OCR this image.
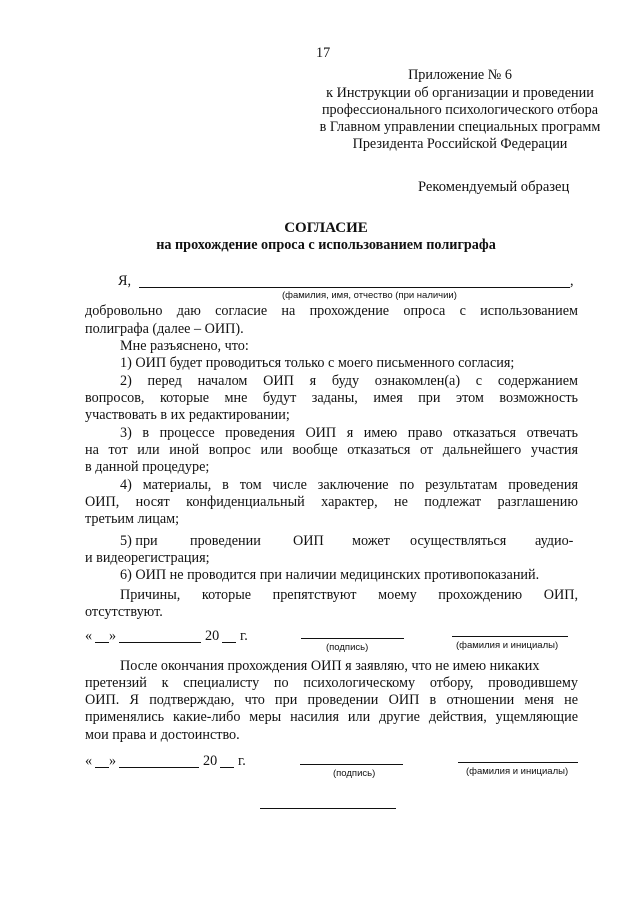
17
Приложение № 6
к Инструкции об организации и проведении
профессионального психологического отбора
в Главном управлении специальных программ
Президента Российской Федерации
Рекомендуемый образец
СОГЛАСИЕ
на прохождение опроса с использованием полиграфа
Я,	,
(фамилия, имя, отчество (при наличии)
добровольно даю согласие на прохождение опроса с использованием
полиграфа (далее – ОИП).
Мне разъяснено, что:
1) ОИП будет проводиться только с моего письменного согласия;
2) перед началом ОИП я буду ознакомлен(а) с содержанием
вопросов, которые мне будут заданы, имея при этом возможность
участвовать в их редактировании;
3) в процессе проведения ОИП я имею право отказаться отвечать
на тот или иной вопрос или вообще отказаться от дальнейшего участия
в данной процедуре;
4) материалы, в том числе заключение по результатам проведения
ОИП, носят конфиденциальный характер, не подлежат разглашению
третьим лицам;
5) при проведении ОИП может осуществляться аудио-
и видеорегистрация;
6) ОИП не проводится при наличии медицинских противопоказаний.
Причины, которые препятствуют моему прохождению ОИП,
отсутствуют.
« »	20 г.
(подпись)	(фамилия и инициалы)
После окончания прохождения ОИП я заявляю, что не имею никаких
претензий к специалисту по психологическому отбору, проводившему
ОИП. Я подтверждаю, что при проведении ОИП в отношении меня не
применялись какие-либо меры насилия или другие действия, ущемляющие
мои права и достоинство.
« »	20 г.
(подпись)	(фамилия и инициалы)
